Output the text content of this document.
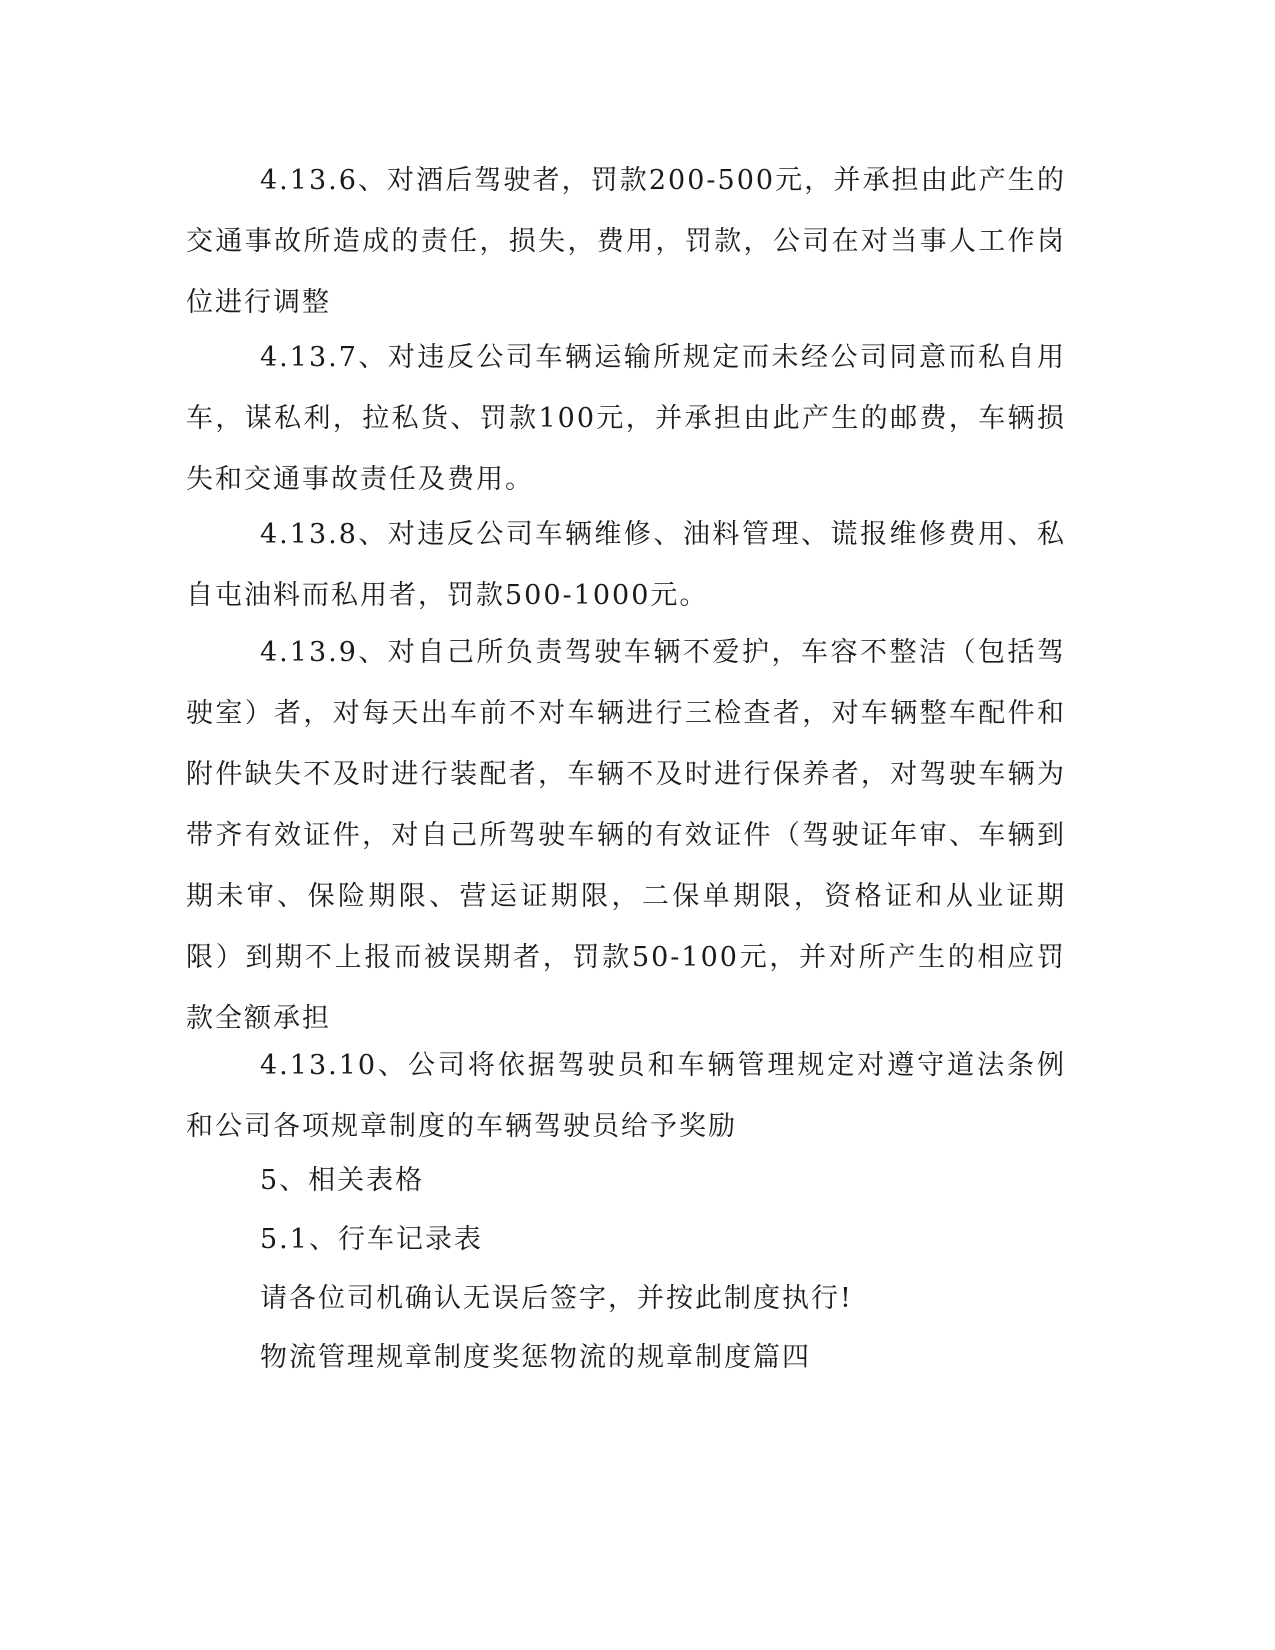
4.13.6、对酒后驾驶者，罚款200-500元，并承担由此产生的交通事故所造成的责任，损失，费用，罚款，公司在对当事人工作岗位进行调整

4.13.7、对违反公司车辆运输所规定而未经公司同意而私自用车，谋私利，拉私货、罚款100元，并承担由此产生的邮费，车辆损失和交通事故责任及费用。

4.13.8、对违反公司车辆维修、油料管理、谎报维修费用、私自屯油料而私用者，罚款500-1000元。

4.13.9、对自己所负责驾驶车辆不爱护，车容不整洁（包括驾驶室）者，对每天出车前不对车辆进行三检查者，对车辆整车配件和附件缺失不及时进行装配者，车辆不及时进行保养者，对驾驶车辆为带齐有效证件，对自己所驾驶车辆的有效证件（驾驶证年审、车辆到期未审、保险期限、营运证期限，二保单期限，资格证和从业证期限）到期不上报而被误期者，罚款50-100元，并对所产生的相应罚款全额承担

4.13.10、公司将依据驾驶员和车辆管理规定对遵守道法条例和公司各项规章制度的车辆驾驶员给予奖励

5、相关表格

5.1、行车记录表

请各位司机确认无误后签字，并按此制度执行!

物流管理规章制度奖惩物流的规章制度篇四
